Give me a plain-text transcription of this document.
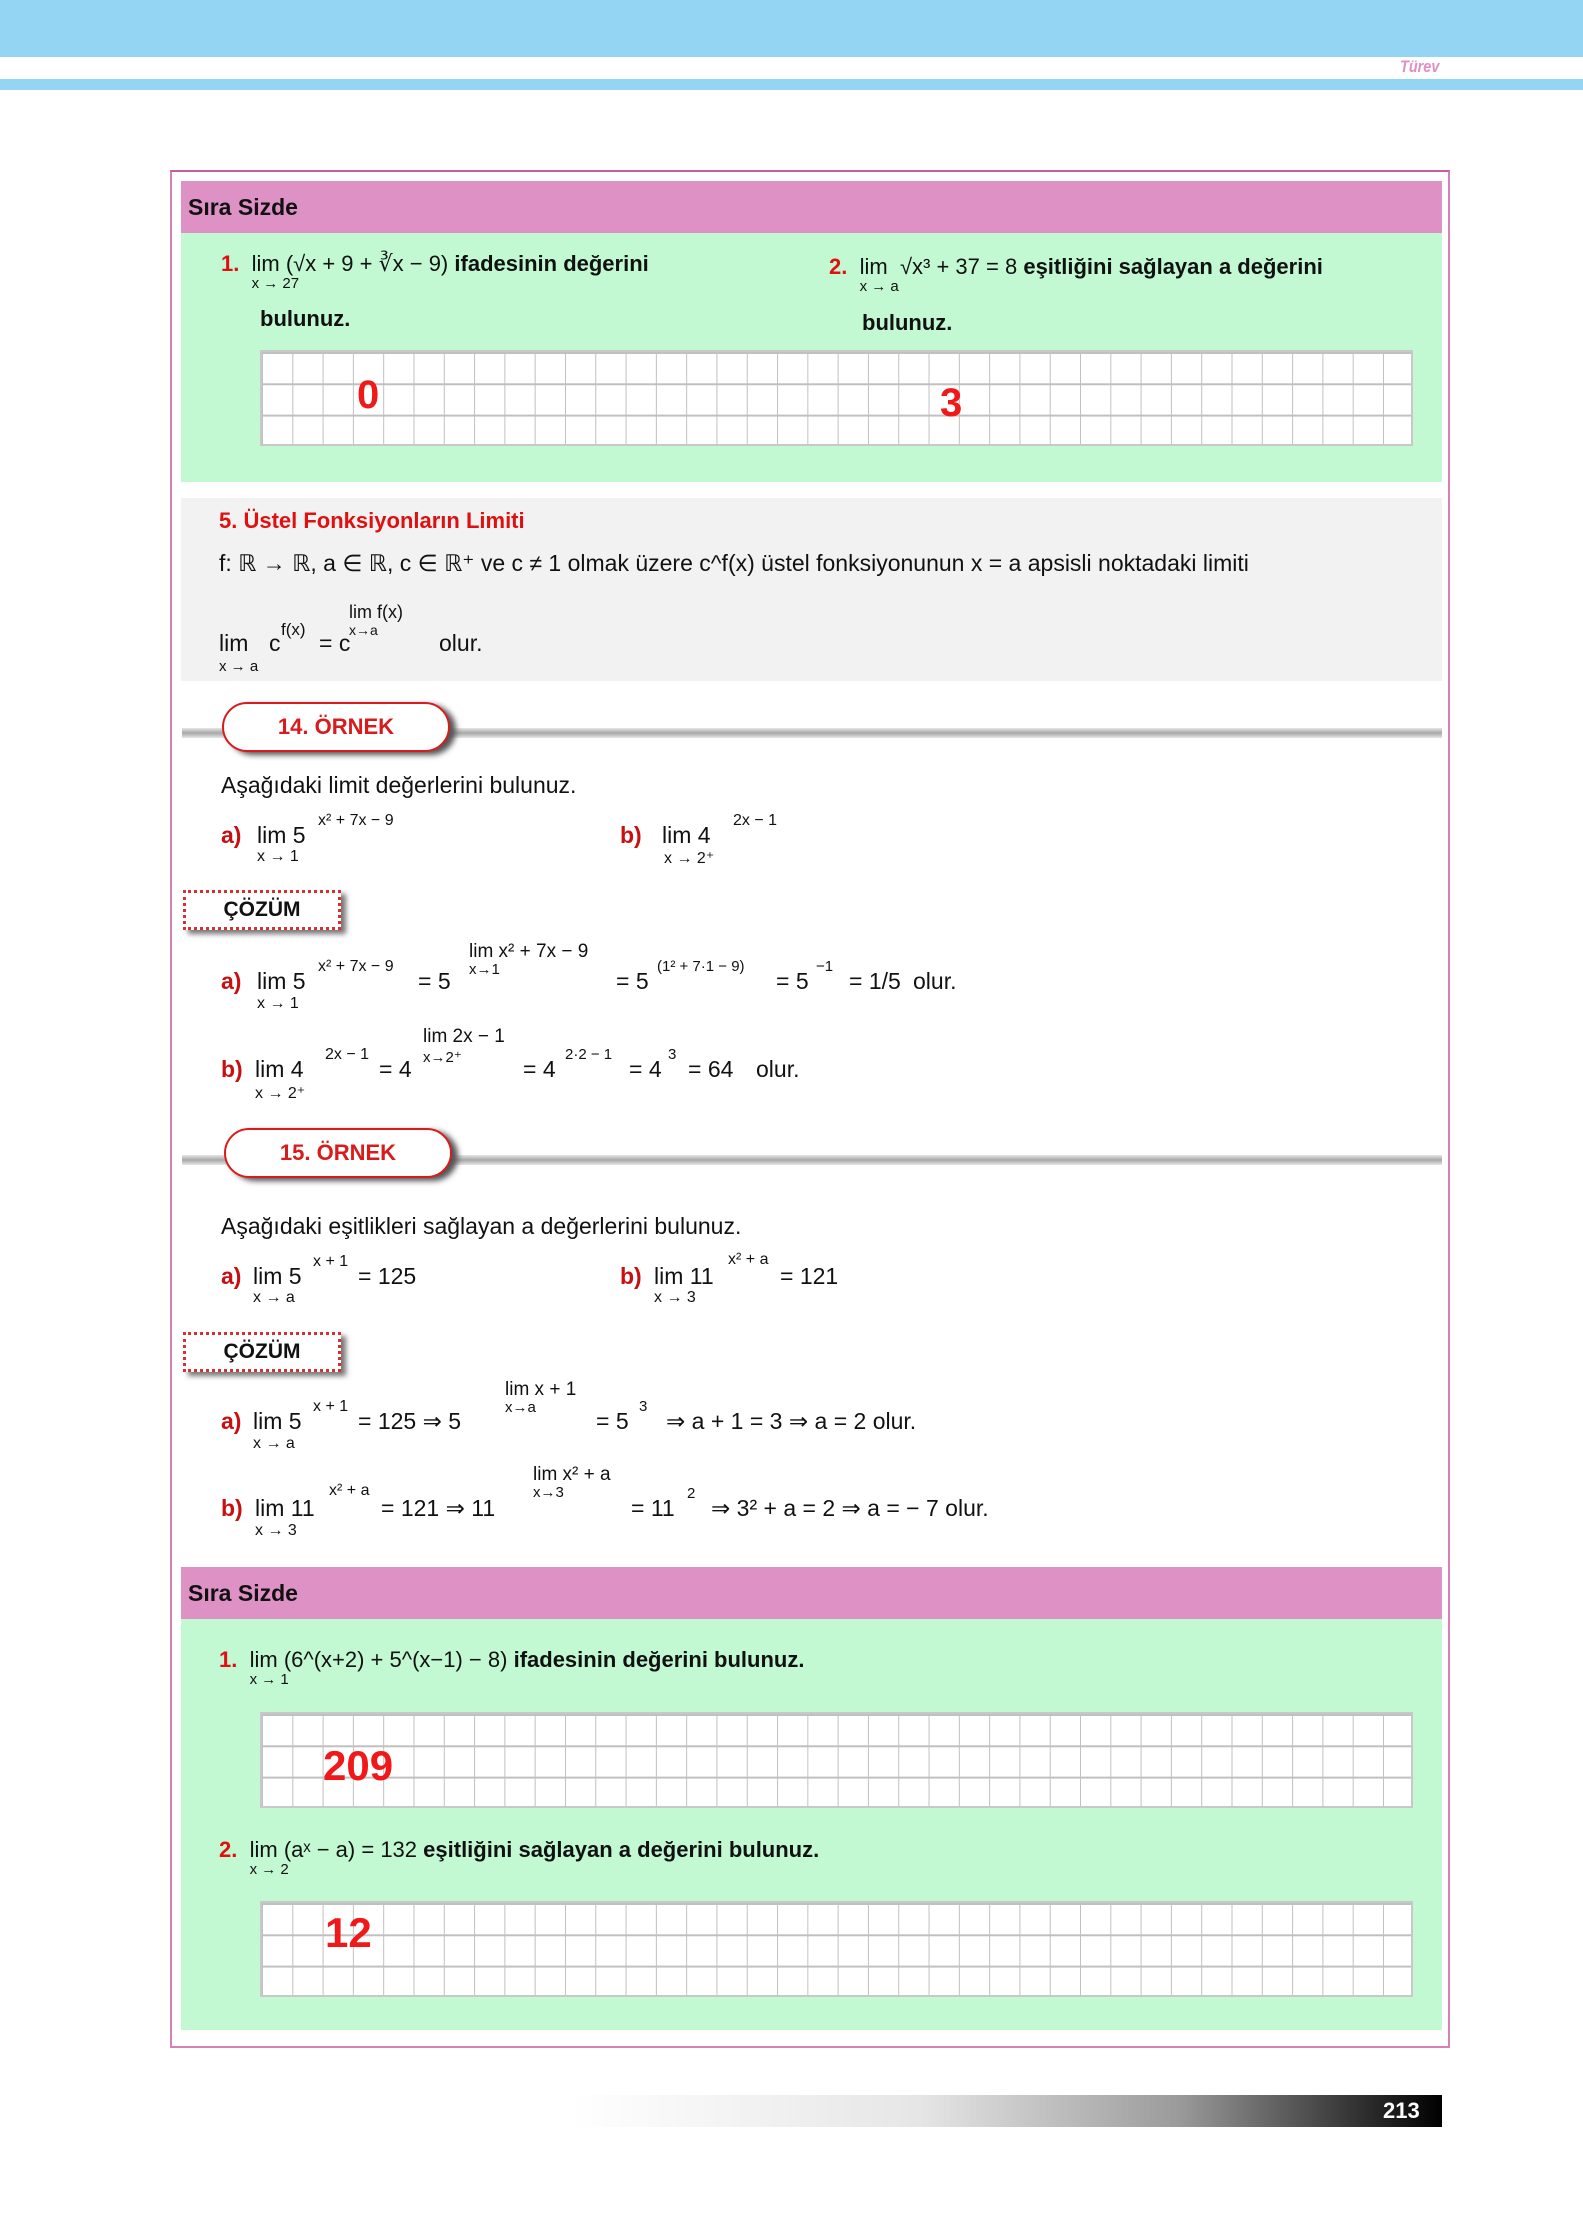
Türev
Sıra Sizde
1. lim
x → 27
(√x + 9 + ∛x − 9) ifadesinin değerini
bulunuz.
2. lim
x → a
√x³ + 37 = 8 eşitliğini sağlayan a değerini
bulunuz.
0	3
5. Üstel Fonksiyonların Limiti
f: ℝ → ℝ, a ∈ ℝ, c ∈ ℝ⁺ ve c ≠ 1 olmak üzere c^f(x) üstel fonksiyonunun x = a apsisli noktadaki limiti
lim
x → a
c
f(x)
= c
lim f(x)
x→a	olur.
14. ÖRNEK
Aşağıdaki limit değerlerini bulunuz.
a) lim 5
x² + 7x − 9
x → 1
b) lim 4
2x − 1
x → 2⁺
ÇÖZÜM
a) lim 5
x² + 7x − 9
x → 1
= 5
lim x² + 7x − 9
x→1	= 5
(1² + 7·1 − 9)
= 5
−1
= 1/5 olur.
b) lim 4
2x − 1
x → 2⁺
= 4
lim 2x − 1
x→2⁺	= 4
2·2 − 1
= 4
3
= 64 olur.
15. ÖRNEK
Aşağıdaki eşitlikleri sağlayan a değerlerini bulunuz.
a) lim 5
x + 1
= 125
x → a
b) lim 11
x² + a
= 121
x → 3
ÇÖZÜM
a) lim 5
x + 1
x → a
= 125 ⇒ 5
lim x + 1
x→a
= 5
3
⇒ a + 1 = 3 ⇒ a = 2 olur.
b) lim 11
x² + a
x → 3
= 121 ⇒ 11
lim x² + a
x→3
= 11
2
⇒ 3² + a = 2 ⇒ a = − 7 olur.
Sıra Sizde
1. lim
x → 1
(6^(x+2) + 5^(x−1) − 8) ifadesinin değerini bulunuz.
209
2. lim
x → 2
(aˣ − a) = 132 eşitliğini sağlayan a değerini bulunuz.
12
213
